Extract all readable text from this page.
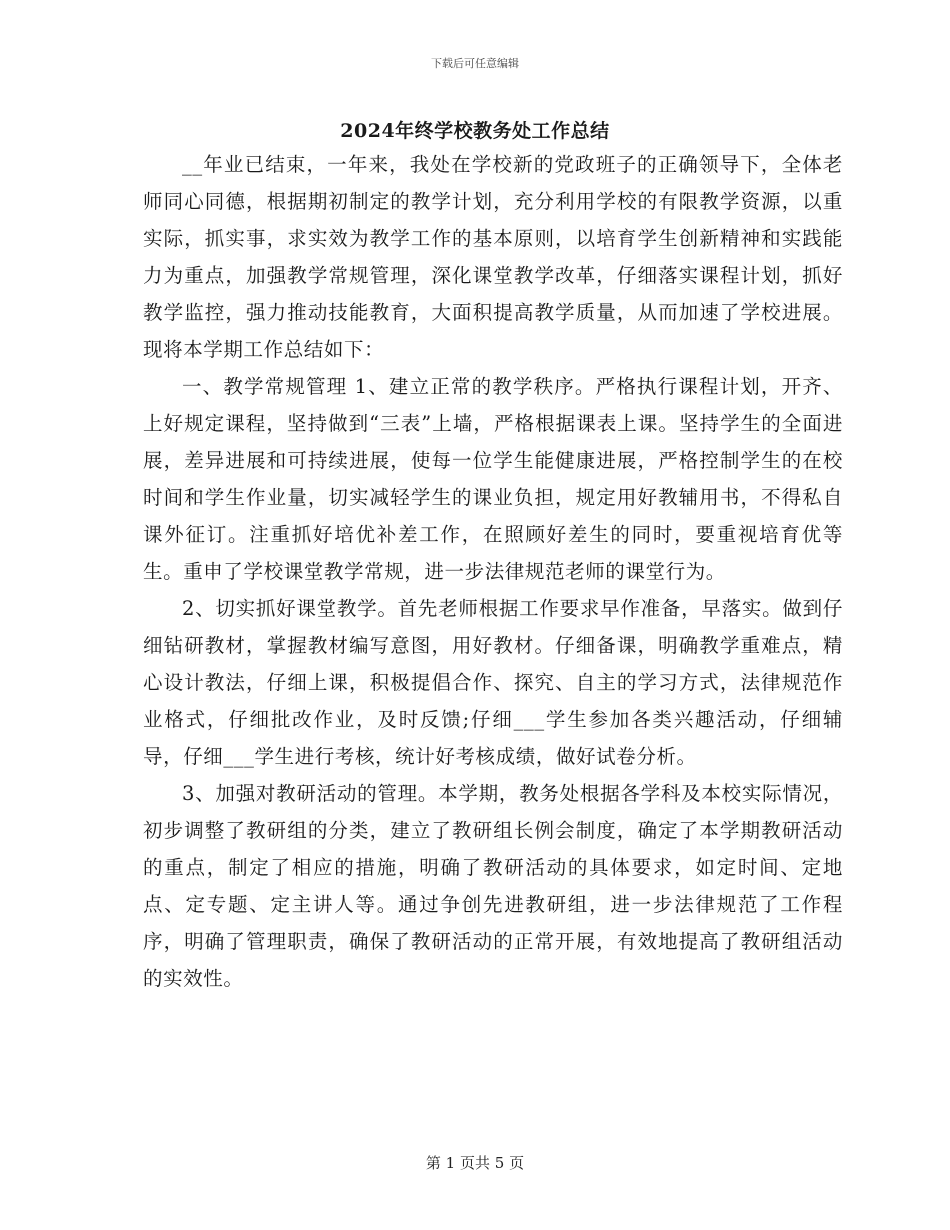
下载后可任意编辑
2024年终学校教务处工作总结

__年业已结束，一年来，我处在学校新的党政班子的正确领导下，全体老师同心同德，根据期初制定的教学计划，充分利用学校的有限教学资源，以重实际，抓实事，求实效为教学工作的基本原则，以培育学生创新精神和实践能力为重点，加强教学常规管理，深化课堂教学改革，仔细落实课程计划，抓好教学监控，强力推动技能教育，大面积提高教学质量，从而加速了学校进展。现将本学期工作总结如下：

一、教学常规管理 1、建立正常的教学秩序。严格执行课程计划，开齐、上好规定课程，坚持做到“三表”上墙，严格根据课表上课。坚持学生的全面进展，差异进展和可持续进展，使每一位学生能健康进展，严格控制学生的在校时间和学生作业量，切实减轻学生的课业负担，规定用好教辅用书，不得私自课外征订。注重抓好培优补差工作，在照顾好差生的同时，要重视培育优等生。重申了学校课堂教学常规，进一步法律规范老师的课堂行为。

2、切实抓好课堂教学。首先老师根据工作要求早作准备，早落实。做到仔细钻研教材，掌握教材编写意图，用好教材。仔细备课，明确教学重难点，精心设计教法，仔细上课，积极提倡合作、探究、自主的学习方式，法律规范作业格式，仔细批改作业，及时反馈;仔细___学生参加各类兴趣活动，仔细辅导，仔细___学生进行考核，统计好考核成绩，做好试卷分析。

3、加强对教研活动的管理。本学期，教务处根据各学科及本校实际情况，初步调整了教研组的分类，建立了教研组长例会制度，确定了本学期教研活动的重点，制定了相应的措施，明确了教研活动的具体要求，如定时间、定地点、定专题、定主讲人等。通过争创先进教研组，进一步法律规范了工作程序，明确了管理职责，确保了教研活动的正常开展，有效地提高了教研组活动的实效性。

第 1 页共 5 页
